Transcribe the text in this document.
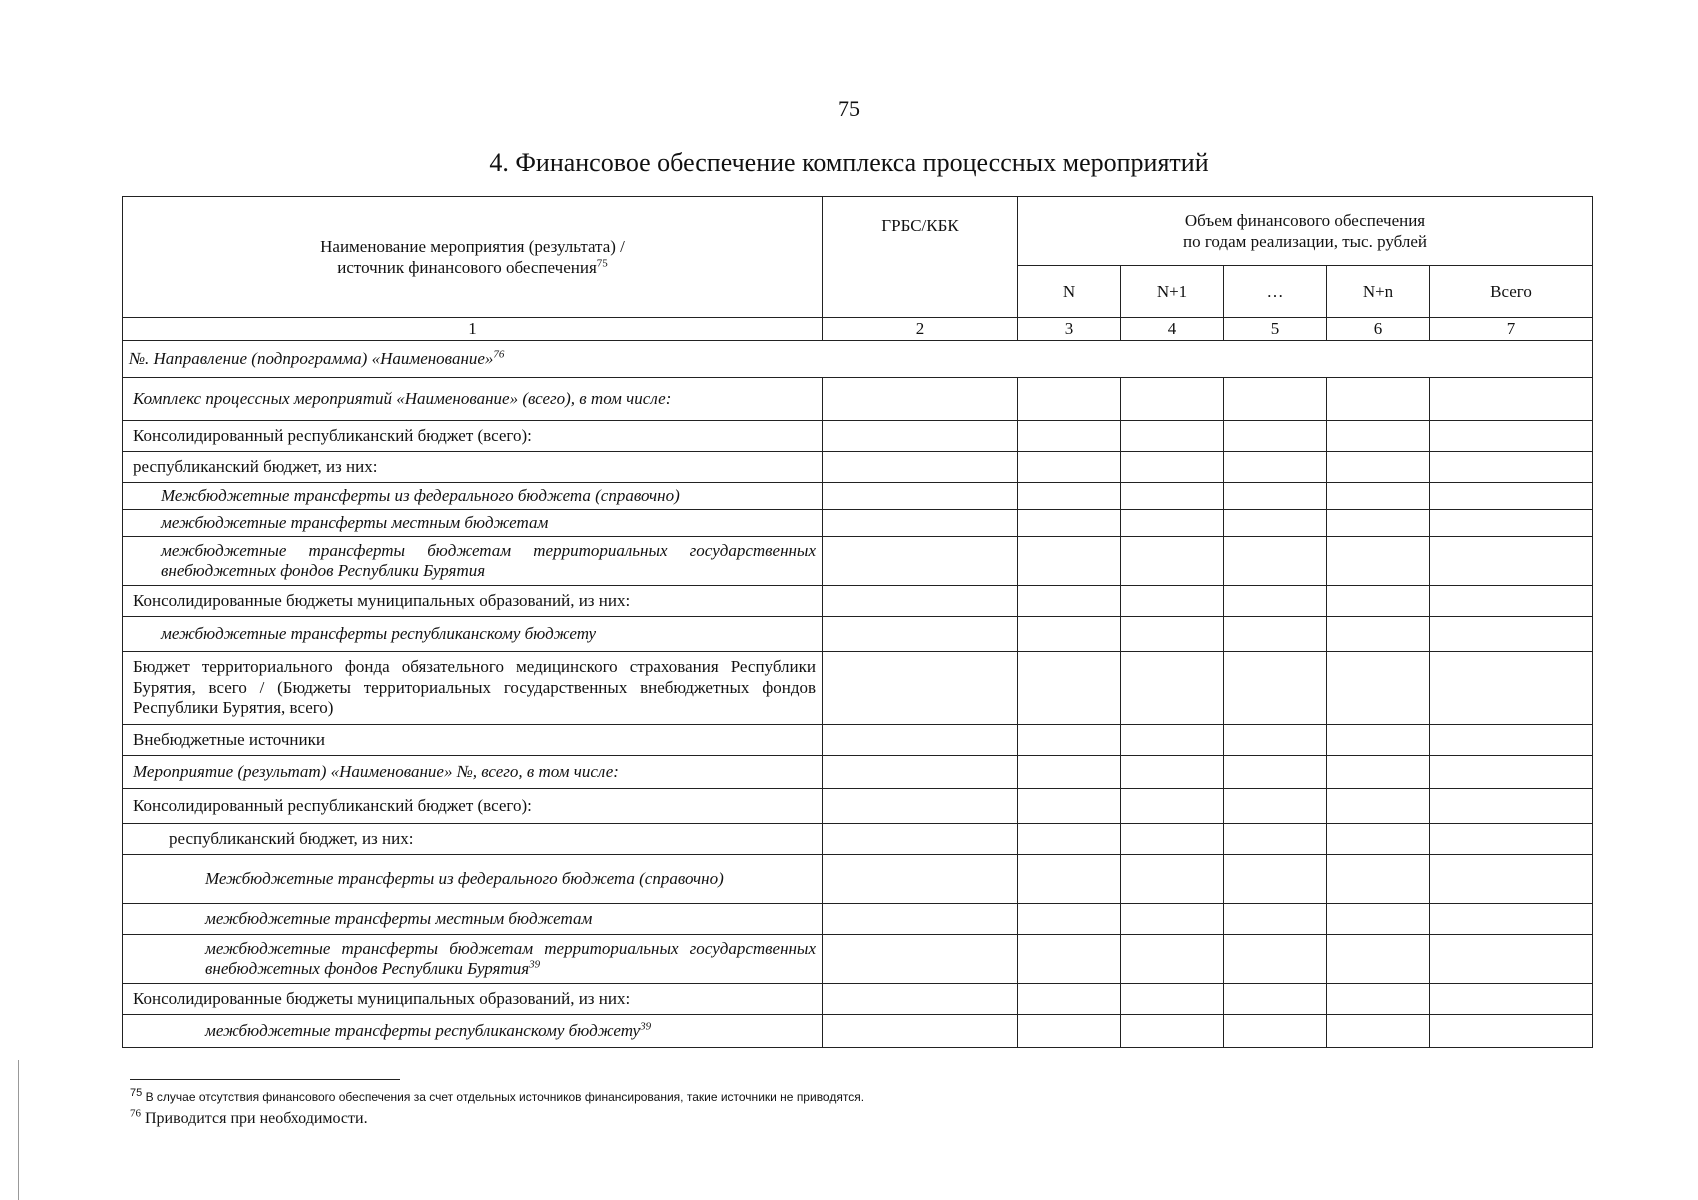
75
4. Финансовое обеспечение комплекса процессных мероприятий
Наименование мероприятия (результата) /
источник финансового обеспечения$^{75}$	ГРБС/КБК	Объем финансового обеспечения
по годам реализации, тыс. рублей				
		N	N+1	…	N+n	Всего
1	2	3	4	5	6	7
№. Направление (подпрограмма) «Наименование»$^{76}$
Комплекс процессных мероприятий «Наименование» (всего), в том числе:						
Консолидированный республиканский бюджет (всего):						
республиканский бюджет, из них:						
Межбюджетные трансферты из федерального бюджета (справочно)						
межбюджетные трансферты местным бюджетам						
межбюджетные трансферты бюджетам территориальных государственных внебюджетных фондов Республики Бурятия						
Консолидированные бюджеты муниципальных образований, из них:						
межбюджетные трансферты республиканскому бюджету						
Бюджет территориального фонда обязательного медицинского страхования Республики Бурятия, всего / (Бюджеты территориальных государственных внебюджетных фондов Республики Бурятия, всего)						
Внебюджетные источники						
Мероприятие (результат) «Наименование» №, всего, в том числе:						
Консолидированный республиканский бюджет (всего):						
республиканский бюджет, из них:						
Межбюджетные трансферты из федерального бюджета (справочно)						
межбюджетные трансферты местным бюджетам						
межбюджетные трансферты бюджетам территориальных государственных внебюджетных фондов Республики Бурятия$^{39}$						
Консолидированные бюджеты муниципальных образований, из них:						
межбюджетные трансферты республиканскому бюджету$^{39}$						
$^{75}$ В случае отсутствия финансового обеспечения за счет отдельных источников финансирования, такие источники не приводятся.
$^{76}$ Приводится при необходимости.
